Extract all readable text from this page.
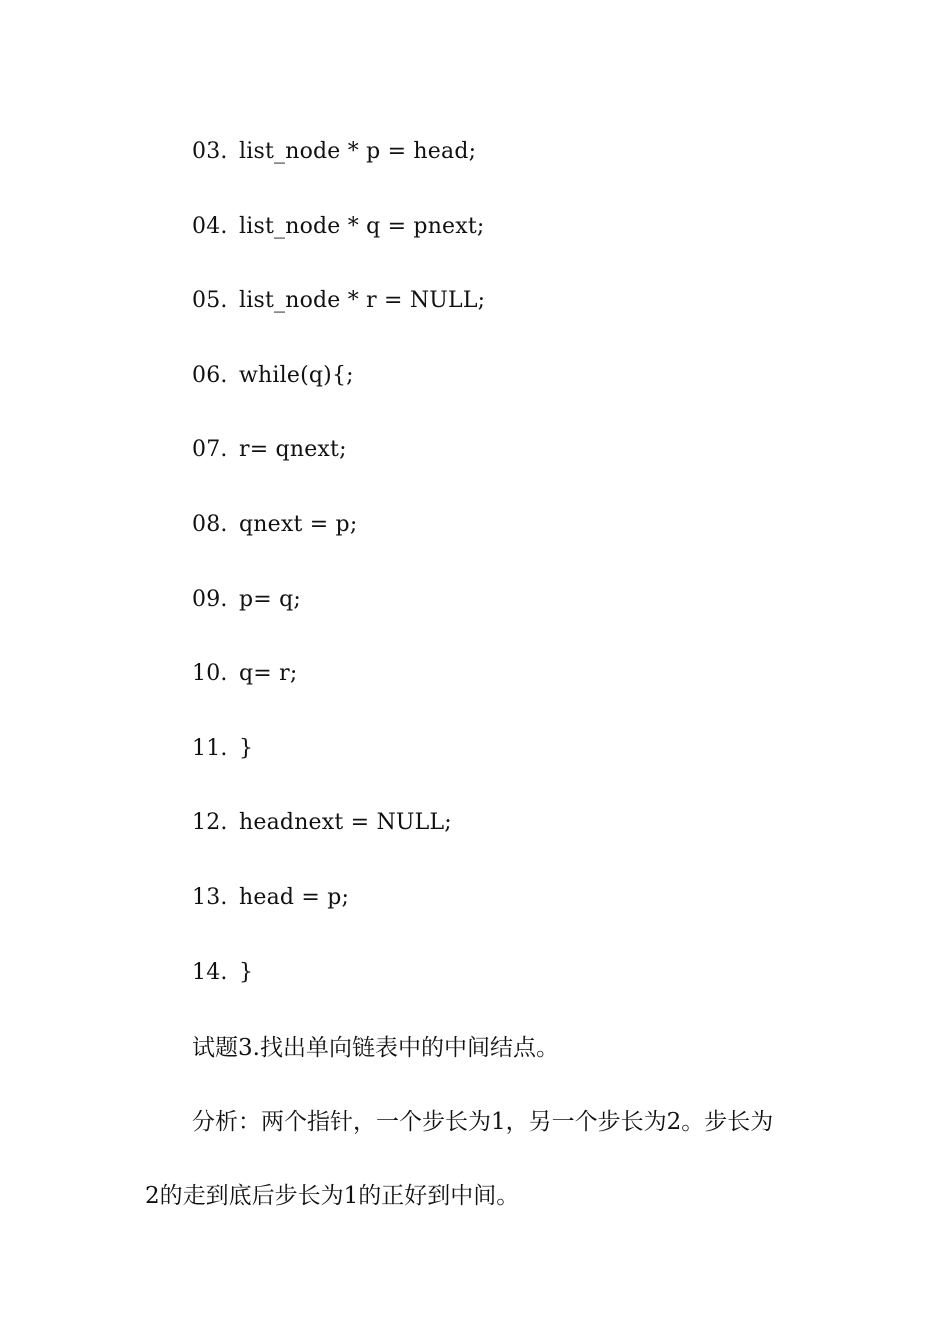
03. list_node * p = head;
04. list_node * q = pnext;
05. list_node * r = NULL;
06. while(q){;
07. r= qnext;
08. qnext = p;
09. p= q;
10. q= r;
11. }
12. headnext = NULL;
13. head = p;
14. }

试题3.找出单向链表中的中间结点。

分析：两个指针，一个步长为1，另一个步长为2。步长为

2的走到底后步长为1的正好到中间。
